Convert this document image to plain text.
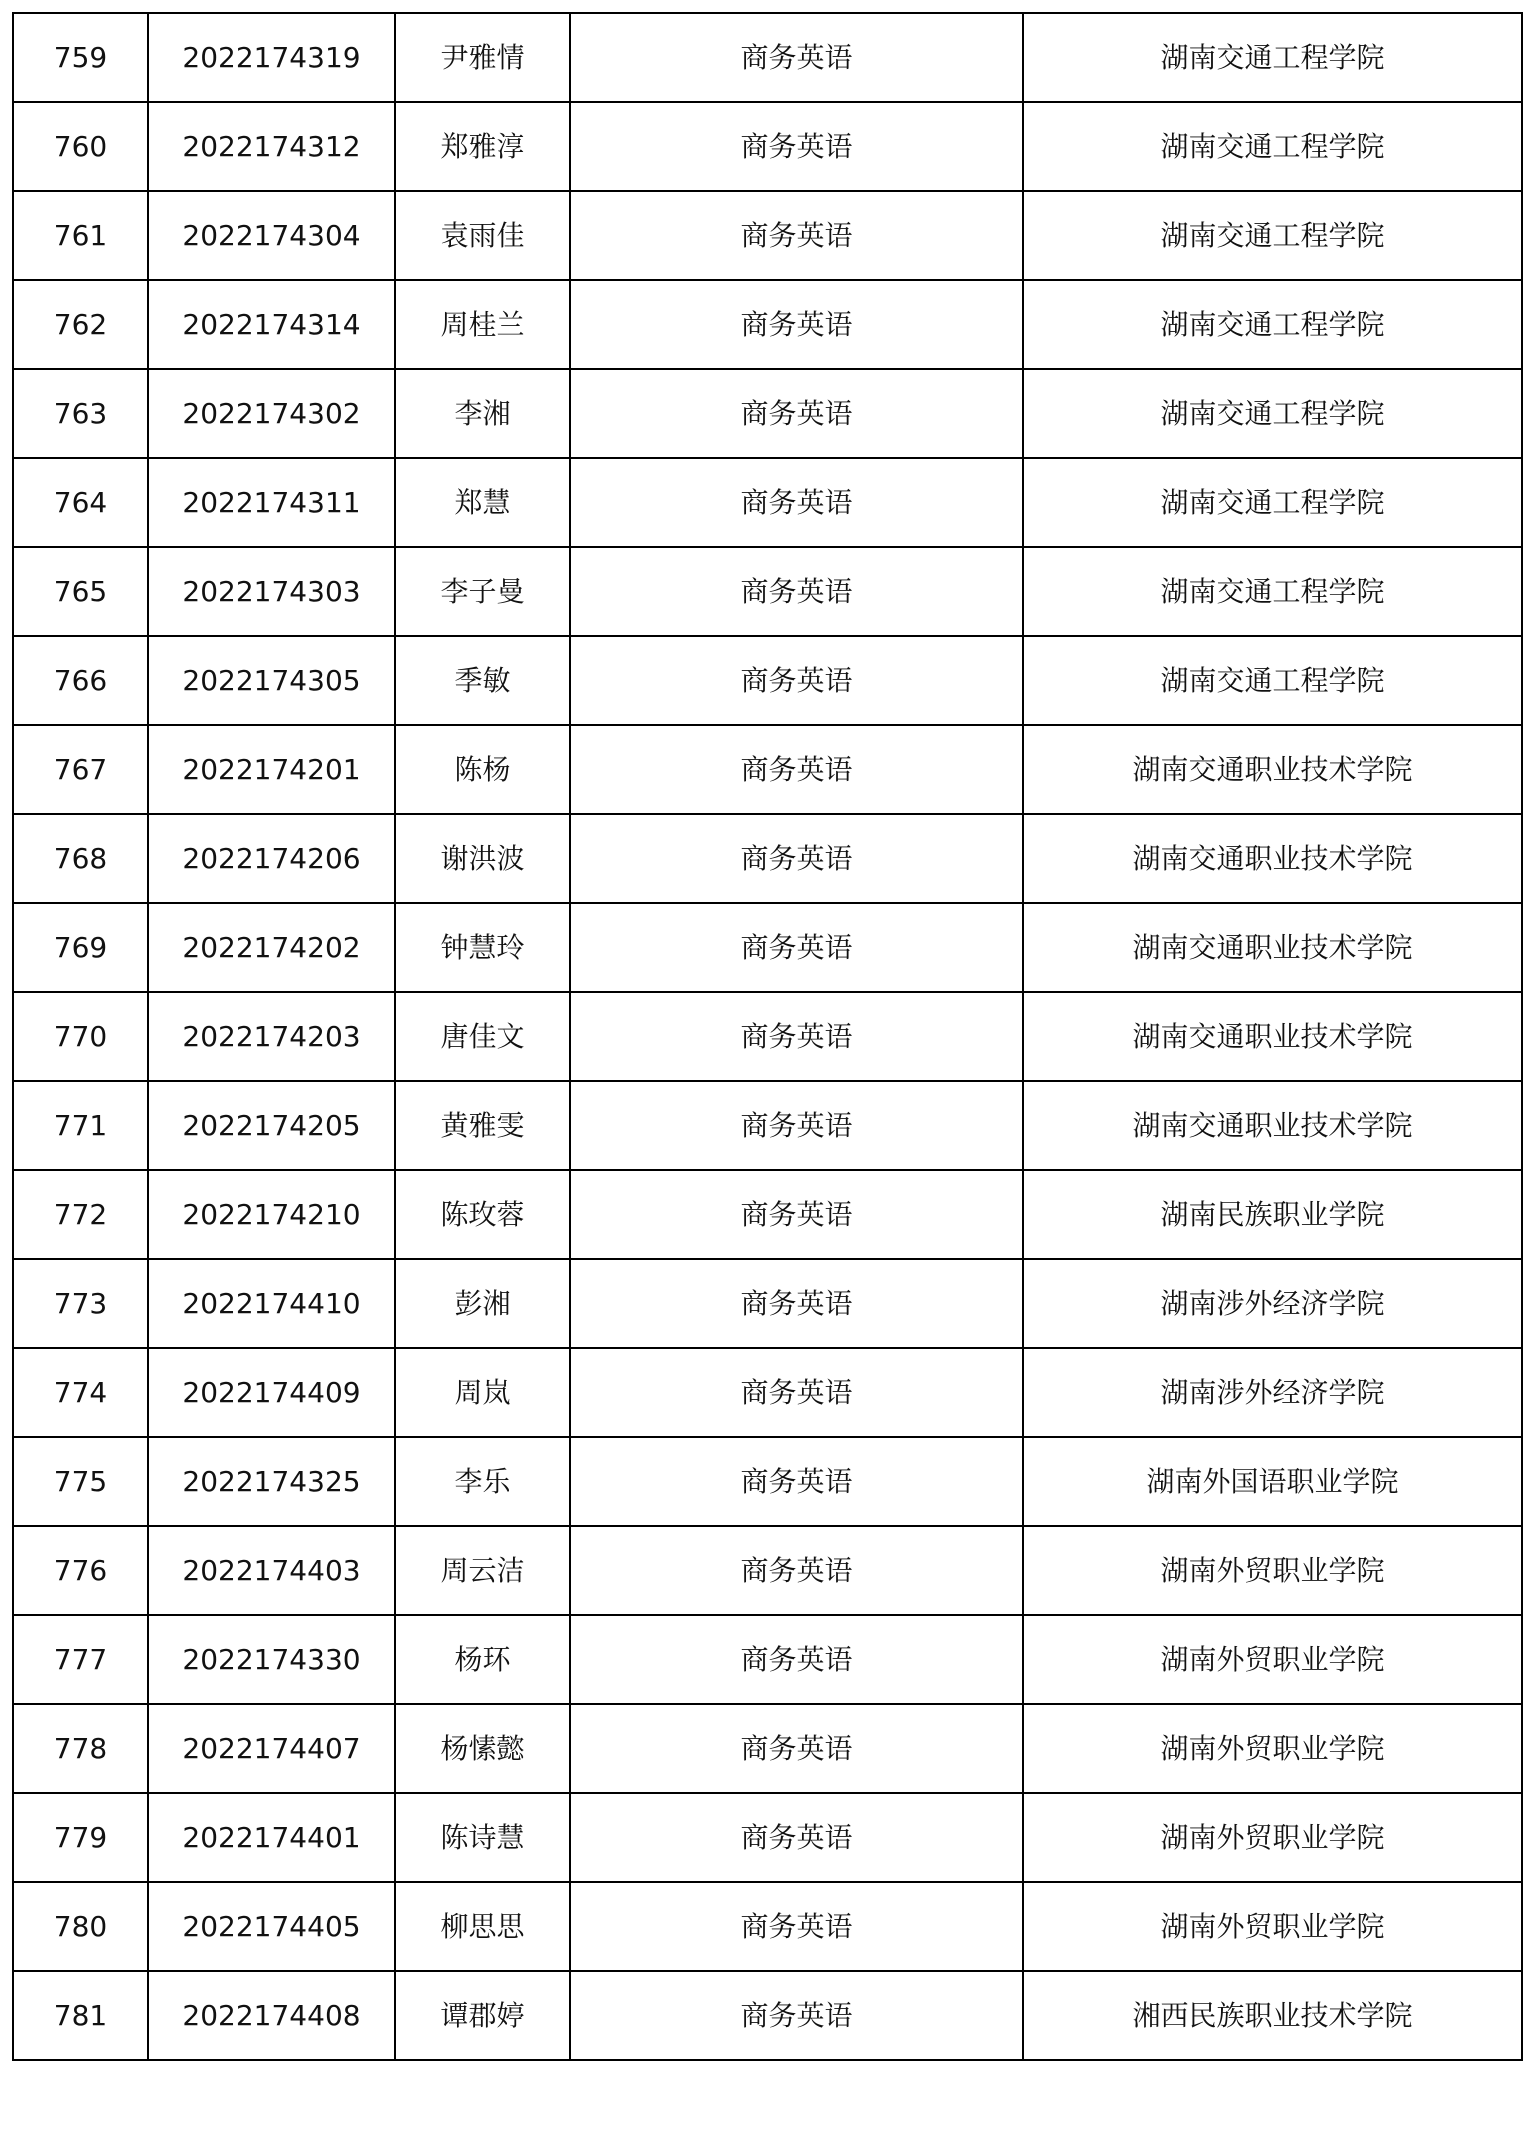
759	2022174319	尹雅情	商务英语	湖南交通工程学院
760	2022174312	郑雅淳	商务英语	湖南交通工程学院
761	2022174304	袁雨佳	商务英语	湖南交通工程学院
762	2022174314	周桂兰	商务英语	湖南交通工程学院
763	2022174302	李湘	商务英语	湖南交通工程学院
764	2022174311	郑慧	商务英语	湖南交通工程学院
765	2022174303	李子曼	商务英语	湖南交通工程学院
766	2022174305	季敏	商务英语	湖南交通工程学院
767	2022174201	陈杨	商务英语	湖南交通职业技术学院
768	2022174206	谢洪波	商务英语	湖南交通职业技术学院
769	2022174202	钟慧玲	商务英语	湖南交通职业技术学院
770	2022174203	唐佳文	商务英语	湖南交通职业技术学院
771	2022174205	黄雅雯	商务英语	湖南交通职业技术学院
772	2022174210	陈玫蓉	商务英语	湖南民族职业学院
773	2022174410	彭湘	商务英语	湖南涉外经济学院
774	2022174409	周岚	商务英语	湖南涉外经济学院
775	2022174325	李乐	商务英语	湖南外国语职业学院
776	2022174403	周云洁	商务英语	湖南外贸职业学院
777	2022174330	杨环	商务英语	湖南外贸职业学院
778	2022174407	杨愫懿	商务英语	湖南外贸职业学院
779	2022174401	陈诗慧	商务英语	湖南外贸职业学院
780	2022174405	柳思思	商务英语	湖南外贸职业学院
781	2022174408	谭郡婷	商务英语	湘西民族职业技术学院
